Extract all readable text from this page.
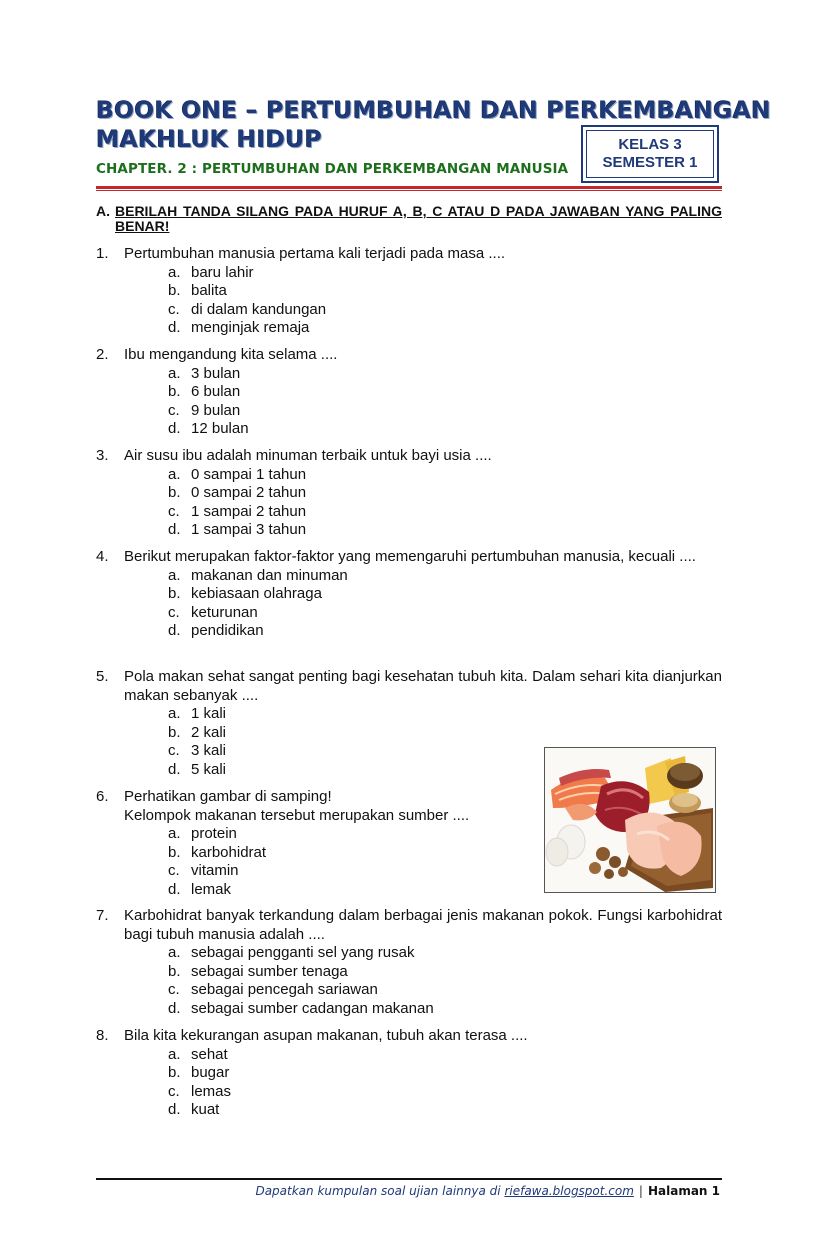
BOOK ONE – PERTUMBUHAN DAN PERKEMBANGAN
MAKHLUK HIDUP
CHAPTER. 2 : PERTUMBUHAN DAN PERKEMBANGAN MANUSIA
KELAS 3
SEMESTER 1
A. BERILAH TANDA SILANG PADA HURUF A, B, C ATAU D PADA JAWABAN YANG PALING BENAR!
1. Pertumbuhan manusia pertama kali terjadi pada masa ....
a. baru lahir
b. balita
c. di dalam kandungan
d. menginjak remaja
2. Ibu mengandung kita selama ....
a. 3 bulan
b. 6 bulan
c. 9 bulan
d. 12 bulan
3. Air susu ibu adalah minuman terbaik untuk bayi usia ....
a. 0 sampai 1 tahun
b. 0 sampai 2 tahun
c. 1 sampai 2 tahun
d. 1 sampai 3 tahun
4. Berikut merupakan faktor-faktor yang memengaruhi pertumbuhan manusia, kecuali ....
a. makanan dan minuman
b. kebiasaan olahraga
c. keturunan
d. pendidikan
5. Pola makan sehat sangat penting bagi kesehatan tubuh kita. Dalam sehari kita dianjurkan makan sebanyak ....
a. 1 kali
b. 2 kali
c. 3 kali
d. 5 kali
6. Perhatikan gambar di samping!
Kelompok makanan tersebut merupakan sumber ....
a. protein
b. karbohidrat
c. vitamin
d. lemak
7. Karbohidrat banyak terkandung dalam berbagai jenis makanan pokok. Fungsi karbohidrat bagi tubuh manusia adalah ....
a. sebagai pengganti sel yang rusak
b. sebagai sumber tenaga
c. sebagai pencegah sariawan
d. sebagai sumber cadangan makanan
8. Bila kita kekurangan asupan makanan, tubuh akan terasa ....
a. sehat
b. bugar
c. lemas
d. kuat
Dapatkan kumpulan soal ujian lainnya di riefawa.blogspot.com | Halaman 1
